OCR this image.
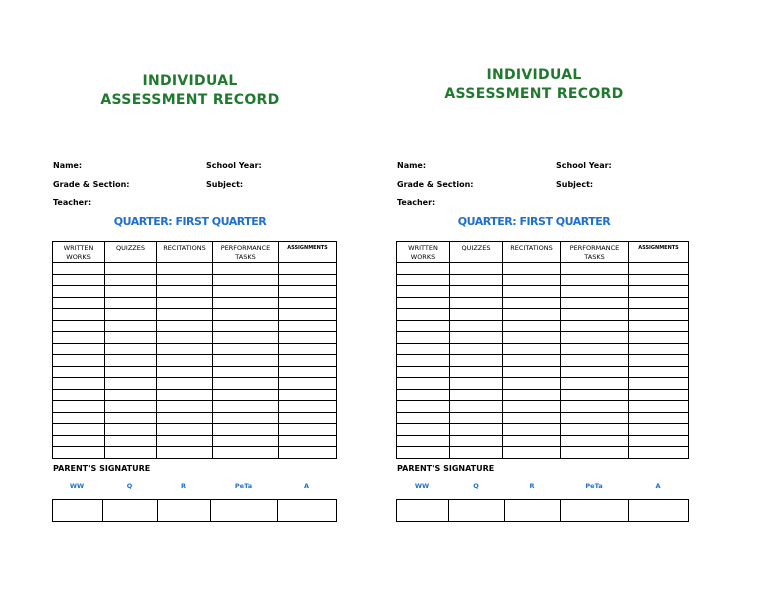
INDIVIDUAL
ASSESSMENT RECORD
Name:	School Year:
Grade & Section:	Subject:
Teacher:
QUARTER: FIRST QUARTER
WRITTEN WORKS	QUIZZES	RECITATIONS	PERFORMANCE TASKS	ASSIGNMENTS

PARENT'S SIGNATURE
WW	Q	R	PeTa	A

INDIVIDUAL
ASSESSMENT RECORD
Name:	School Year:
Grade & Section:	Subject:
Teacher:
QUARTER: FIRST QUARTER
WRITTEN WORKS	QUIZZES	RECITATIONS	PERFORMANCE TASKS	ASSIGNMENTS

PARENT'S SIGNATURE
WW	Q	R	PeTa	A
